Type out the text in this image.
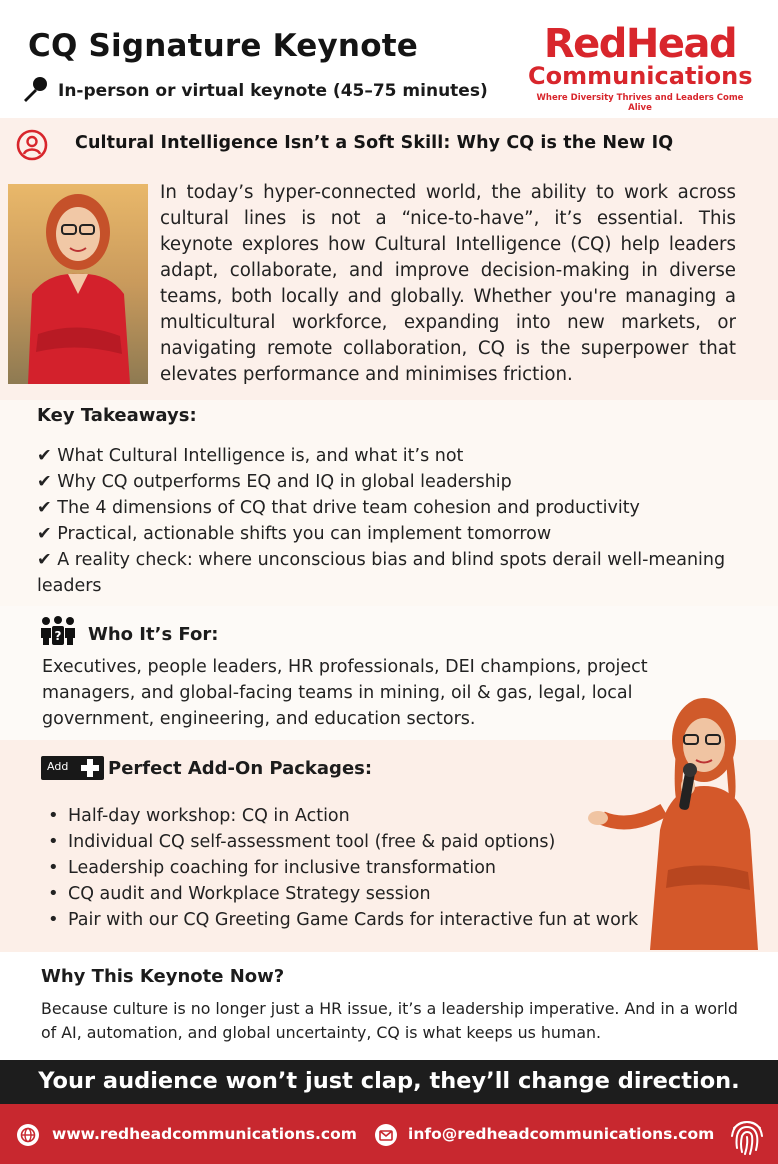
CQ Signature Keynote
In-person or virtual keynote (45–75 minutes)
RedHead
Communications
Where Diversity Thrives and Leaders Come Alive
Cultural Intelligence Isn’t a Soft Skill: Why CQ is the New IQ
In today’s hyper-connected world, the ability to work across cultural lines is not a “nice-to-have”, it’s essential. This keynote explores how Cultural Intelligence (CQ) help leaders adapt, collaborate, and improve decision-making in diverse teams, both locally and globally. Whether you're managing a multicultural workforce, expanding into new markets, or navigating remote collaboration, CQ is the superpower that elevates performance and minimises friction.
Key Takeaways:
✔ What Cultural Intelligence is, and what it’s not
✔ Why CQ outperforms EQ and IQ in global leadership
✔ The 4 dimensions of CQ that drive team cohesion and productivity
✔ Practical, actionable shifts you can implement tomorrow
✔ A reality check: where unconscious bias and blind spots derail well-meaning leaders
? Who It’s For:
Executives, people leaders, HR professionals, DEI champions, project managers, and global-facing teams in mining, oil & gas, legal, local government, engineering, and education sectors.
Add Perfect Add-On Packages:
• Half-day workshop: CQ in Action
• Individual CQ self-assessment tool (free & paid options)
• Leadership coaching for inclusive transformation
• CQ audit and Workplace Strategy session
• Pair with our CQ Greeting Game Cards for interactive fun at work
Why This Keynote Now?
Because culture is no longer just a HR issue, it’s a leadership imperative. And in a world of AI, automation, and global uncertainty, CQ is what keeps us human.
Your audience won’t just clap, they’ll change direction.
www.redheadcommunications.com	info@redheadcommunications.com
